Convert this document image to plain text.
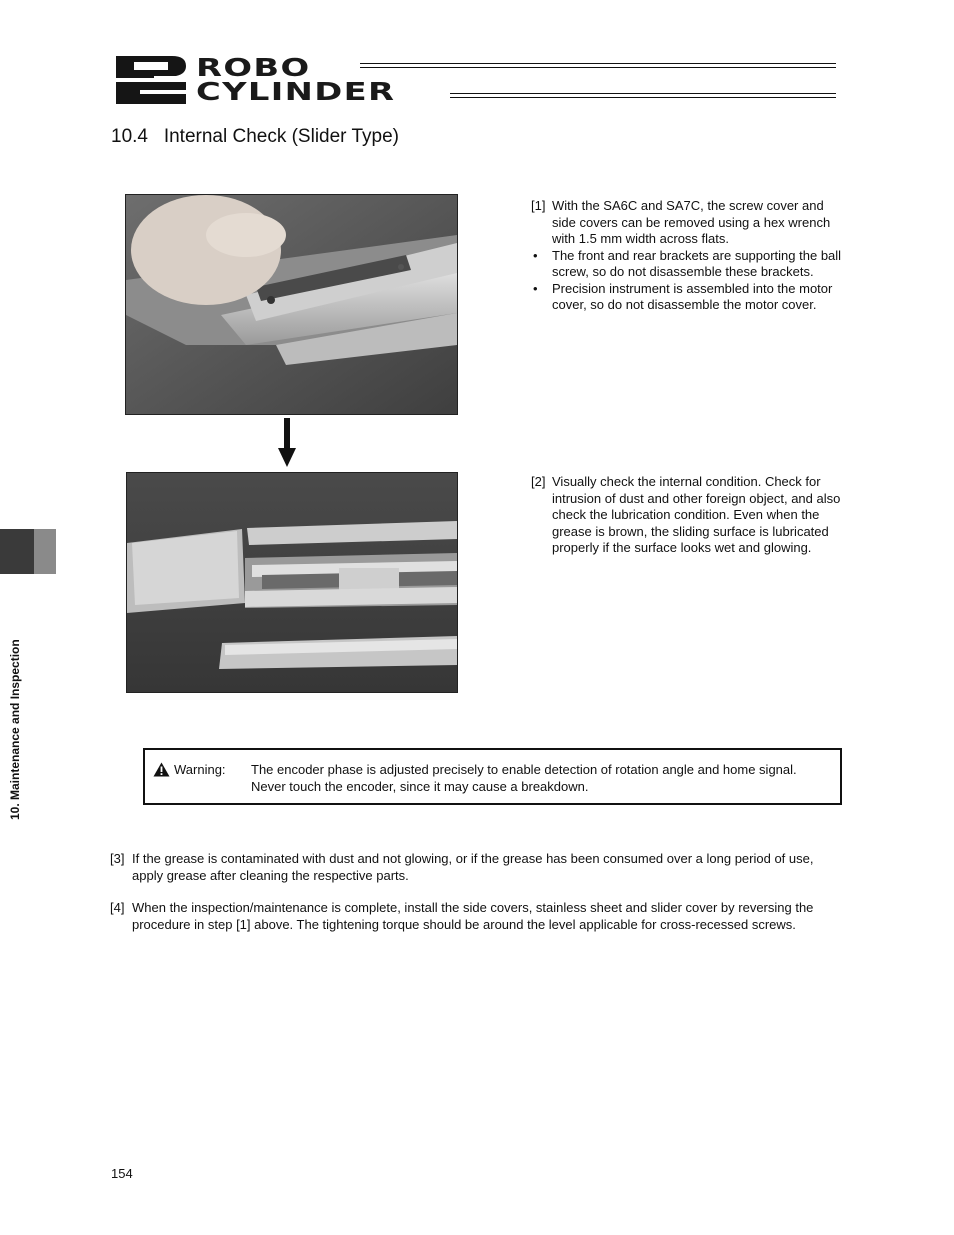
ROBO
CYLINDER
10.4   Internal Check (Slider Type)
[1] With the SA6C and SA7C, the screw cover and side covers can be removed using a hex wrench with 1.5 mm width across flats.
• The front and rear brackets are supporting the ball screw, so do not disassemble these brackets.
• Precision instrument is assembled into the motor cover, so do not disassemble the motor cover.
[2] Visually check the internal condition. Check for intrusion of dust and other foreign object, and also check the lubrication condition. Even when the grease is brown, the sliding surface is lubricated properly if the surface looks wet and glowing.
Warning: The encoder phase is adjusted precisely to enable detection of rotation angle and home signal. Never touch the encoder, since it may cause a breakdown.
[3] If the grease is contaminated with dust and not glowing, or if the grease has been consumed over a long period of use, apply grease after cleaning the respective parts.
[4] When the inspection/maintenance is complete, install the side covers, stainless sheet and slider cover by reversing the procedure in step [1] above. The tightening torque should be around the level applicable for cross-recessed screws.
10. Maintenance and Inspection
154
